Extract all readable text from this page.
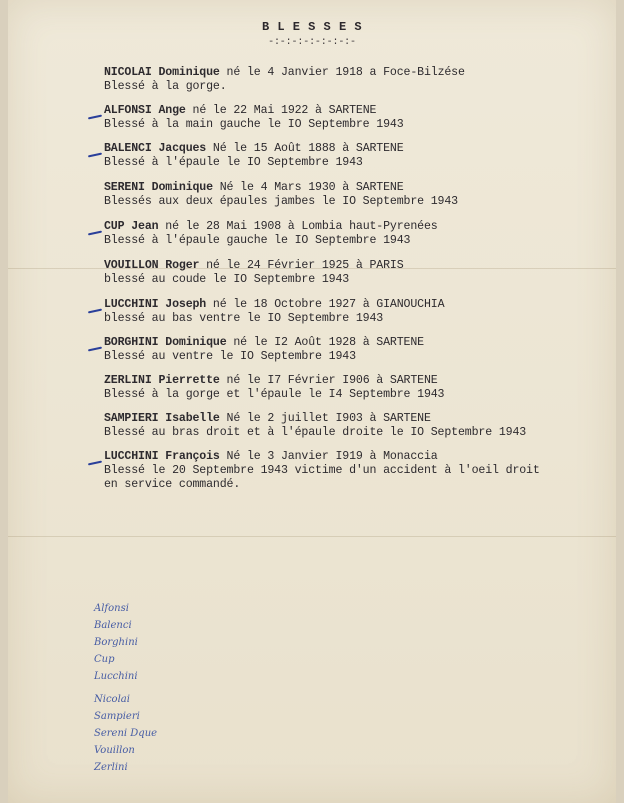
B L E S S E S
-:-:-:-:-:-:-:-
NICOLAI Dominique né le 4 Janvier 1918 a Foce-Bilzése
Blessé à la gorge.
ALFONSI Ange né le 22 Mai 1922 à SARTENE
Blessé à la main gauche le IO Septembre 1943
BALENCI Jacques Né le 15 Août 1888 à SARTENE
Blessé à l'épaule le IO Septembre 1943
SERENI Dominique Né le 4 Mars 1930 à SARTENE
Blessés aux deux épaules jambes le IO Septembre 1943
CUP Jean né le 28 Mai 1908 à Lombia haut-Pyrenées
Blessé à l'épaule gauche le IO Septembre 1943
VOUILLON Roger né le 24 Février 1925 à PARIS
blessé au coude le IO Septembre 1943
LUCCHINI Joseph né le 18 Octobre 1927 à GIANOUCHIA
blessé au bas ventre le IO Septembre 1943
BORGHINI Dominique né le I2 Août 1928 à SARTENE
Blessé au ventre le IO Septembre 1943
ZERLINI Pierrette né le I7 Février I906 à SARTENE
Blessé à la gorge et l'épaule le I4 Septembre 1943
SAMPIERI Isabelle Né le 2 juillet I903 à SARTENE
Blessé au bras droit et à l'épaule droite le IO Septembre 1943
LUCCHINI François Né le 3 Janvier I919 à Monaccia
Blessé le 20 Septembre 1943 victime d'un accident à l'oeil droit
en service commandé.
Alfonsi
Balenci
Borghini
Cup
Lucchini
Nicolai
Sampieri
Sereni Dque
Vouillon
Zerlini
